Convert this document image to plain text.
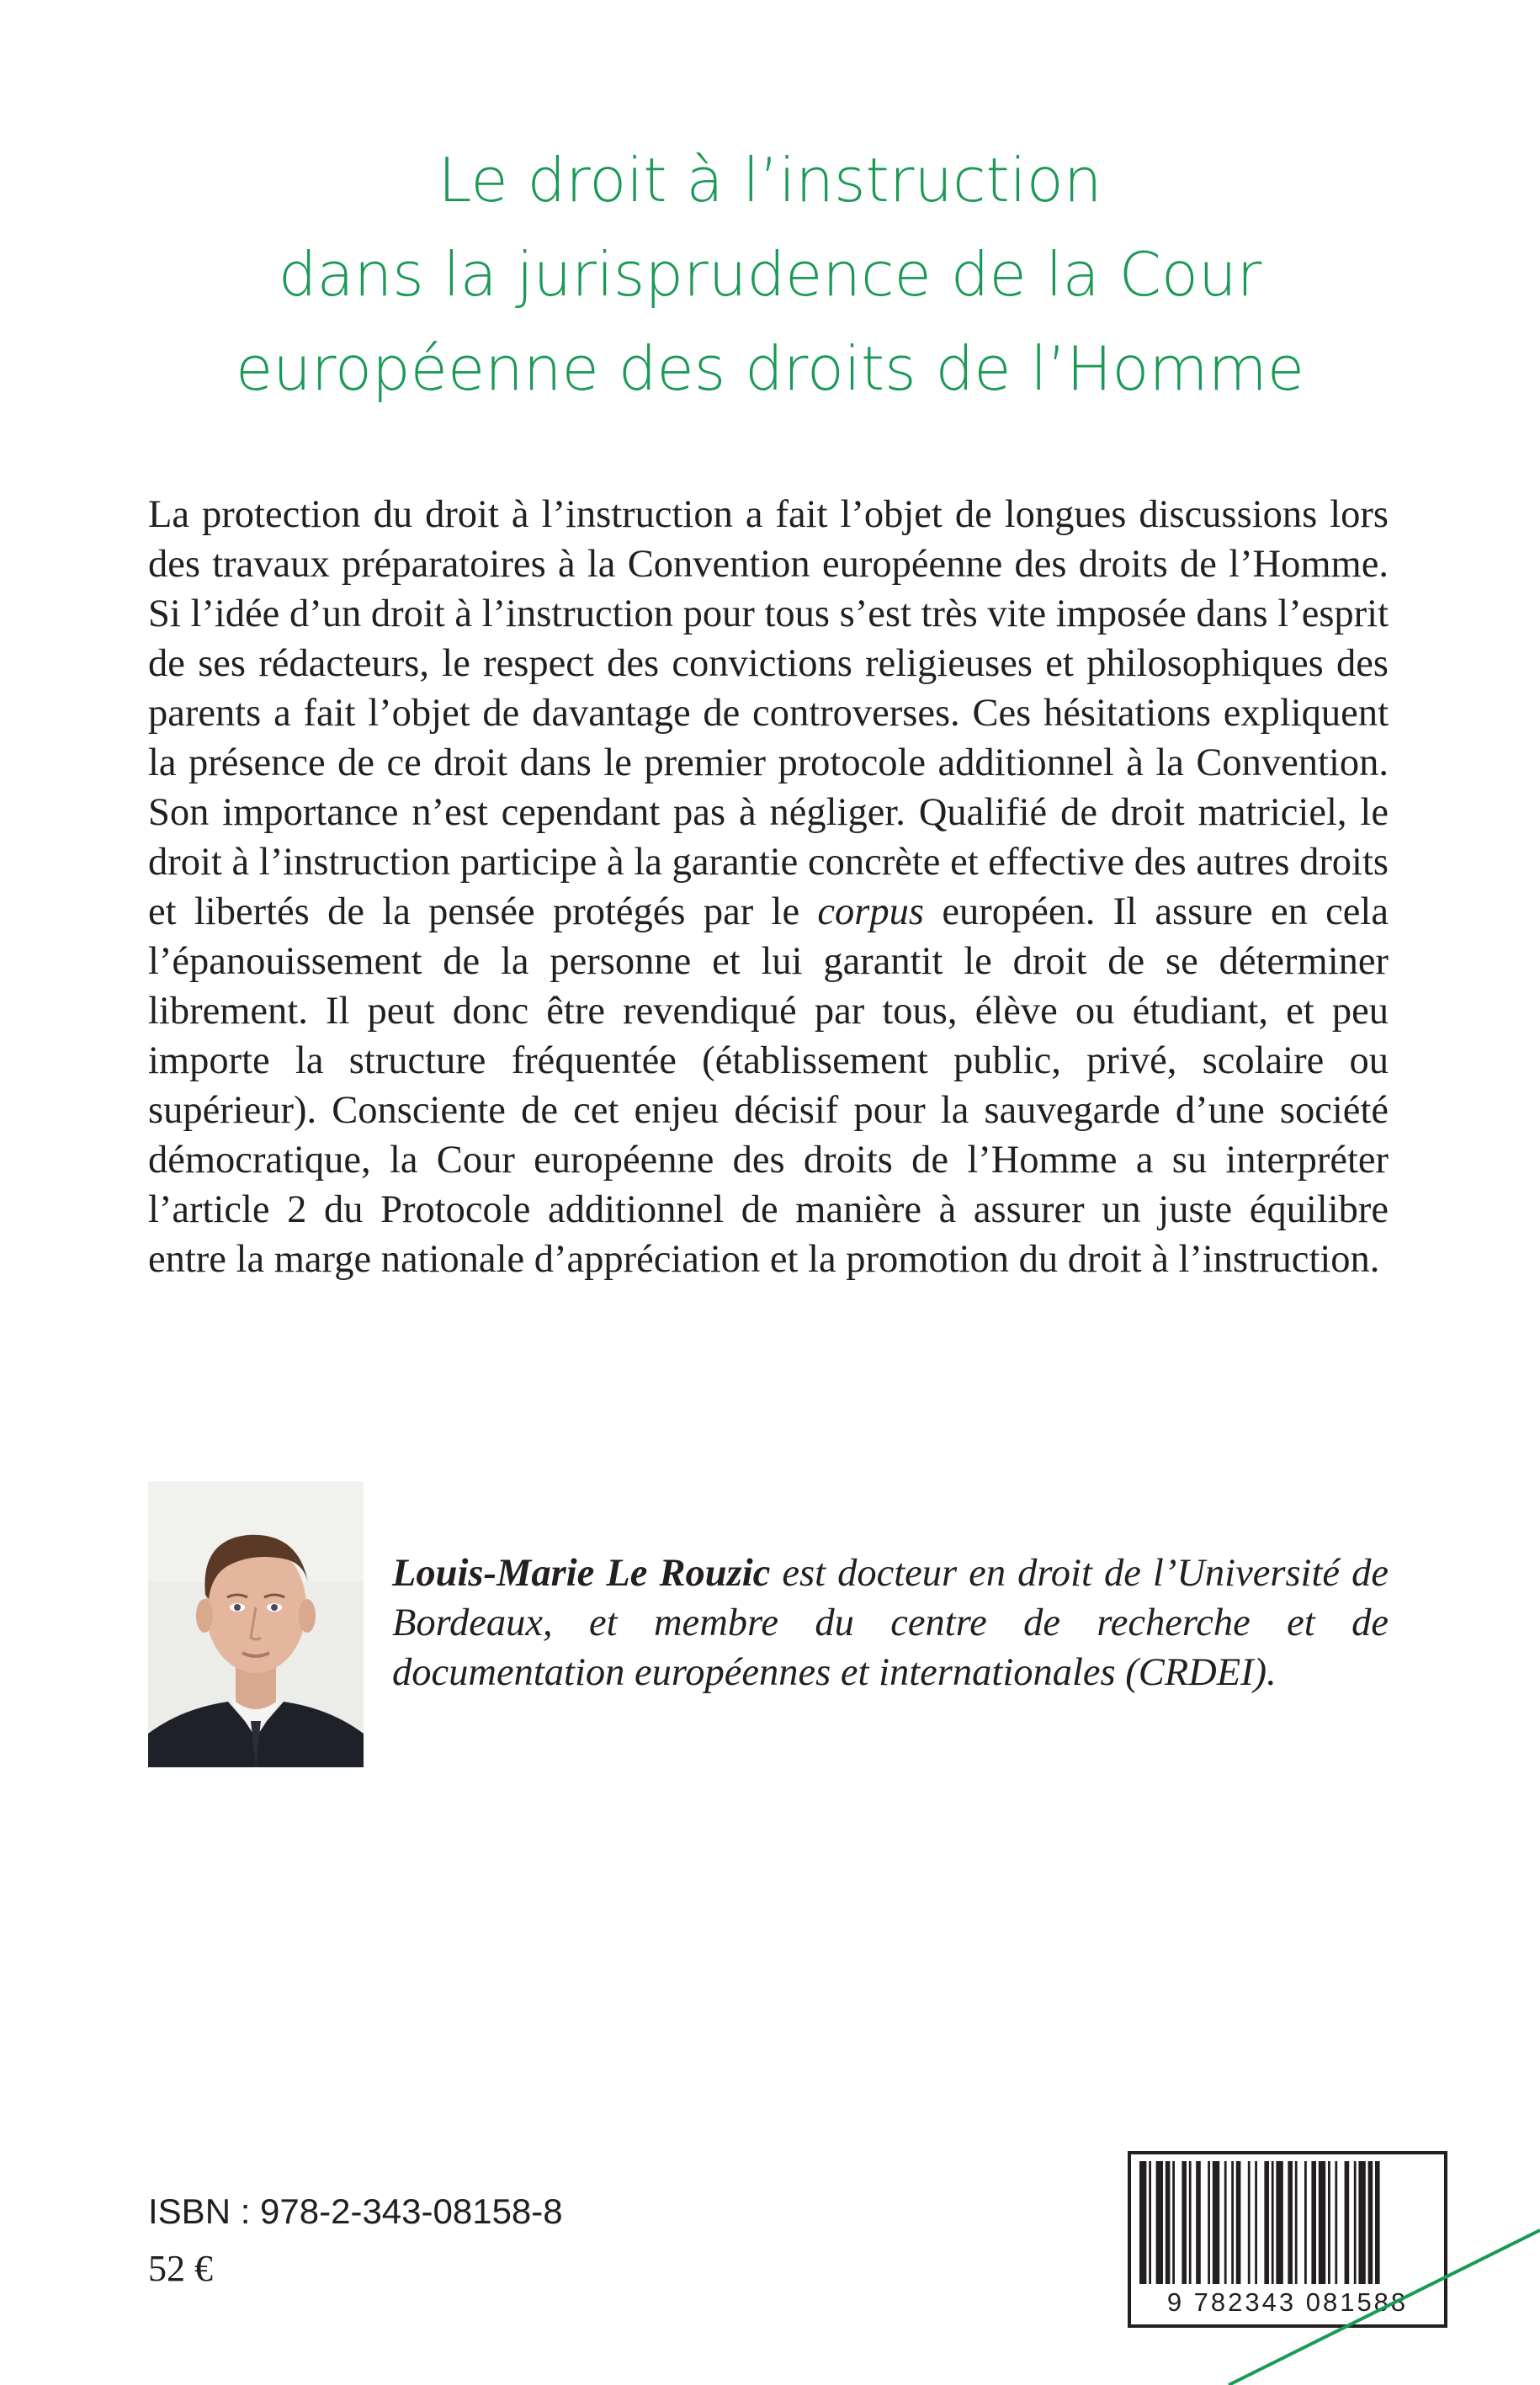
Le droit à l’instruction
dans la jurisprudence de la Cour
européenne des droits de l’Homme

La protection du droit à l’instruction a fait l’objet de longues discussions lors des travaux préparatoires à la Convention européenne des droits de l’Homme. Si l’idée d’un droit à l’instruction pour tous s’est très vite imposée dans l’esprit de ses rédacteurs, le respect des convictions religieuses et philosophiques des parents a fait l’objet de davantage de controverses. Ces hésitations expliquent la présence de ce droit dans le premier protocole additionnel à la Convention. Son importance n’est cependant pas à négliger. Qualifié de droit matriciel, le droit à l’instruction participe à la garantie concrète et effective des autres droits et libertés de la pensée protégés par le corpus européen. Il assure en cela l’épanouissement de la personne et lui garantit le droit de se déterminer librement. Il peut donc être revendiqué par tous, élève ou étudiant, et peu importe la structure fréquentée (établissement public, privé, scolaire ou supérieur). Consciente de cet enjeu décisif pour la sauvegarde d’une société démocratique, la Cour européenne des droits de l’Homme a su interpréter l’article 2 du Protocole additionnel de manière à assurer un juste équilibre entre la marge nationale d’appréciation et la promotion du droit à l’instruction.

Louis-Marie Le Rouzic est docteur en droit de l’Université de Bordeaux, et membre du centre de recherche et de documentation européennes et internationales (CRDEI).
ISBN : 978-2-343-08158-8
52 €
9 782343 081588
